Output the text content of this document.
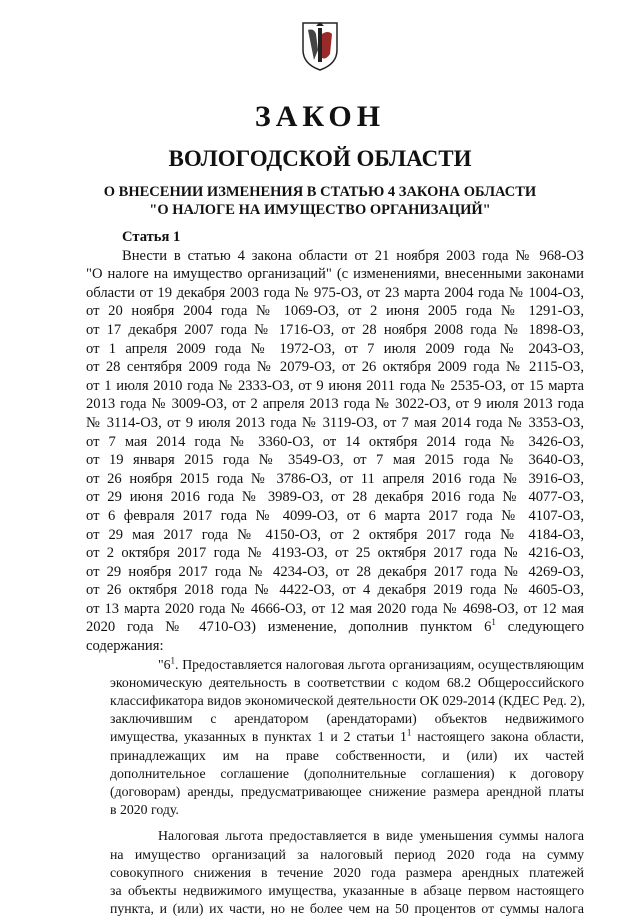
ЗАКОН
ВОЛОГОДСКОЙ ОБЛАСТИ
О ВНЕСЕНИИ ИЗМЕНЕНИЯ В СТАТЬЮ 4 ЗАКОНА ОБЛАСТИ
"О НАЛОГЕ НА ИМУЩЕСТВО ОРГАНИЗАЦИЙ"
Статья 1
Внести в статью 4 закона области от 21 ноября 2003 года № 968-ОЗ
"О налоге на имущество организаций" (с изменениями, внесенными законами
области от 19 декабря 2003 года № 975-ОЗ, от 23 марта 2004 года № 1004-ОЗ,
от 20 ноября 2004 года № 1069-ОЗ, от 2 июня 2005 года № 1291-ОЗ,
от 17 декабря 2007 года № 1716-ОЗ, от 28 ноября 2008 года № 1898-ОЗ,
от 1 апреля 2009 года № 1972-ОЗ, от 7 июля 2009 года № 2043-ОЗ,
от 28 сентября 2009 года № 2079-ОЗ, от 26 октября 2009 года № 2115-ОЗ,
от 1 июля 2010 года № 2333-ОЗ, от 9 июня 2011 года № 2535-ОЗ, от 15 марта
2013 года № 3009-ОЗ, от 2 апреля 2013 года № 3022-ОЗ, от 9 июля 2013 года
№ 3114-ОЗ, от 9 июля 2013 года № 3119-ОЗ, от 7 мая 2014 года № 3353-ОЗ,
от 7 мая 2014 года № 3360-ОЗ, от 14 октября 2014 года № 3426-ОЗ,
от 19 января 2015 года № 3549-ОЗ, от 7 мая 2015 года № 3640-ОЗ,
от 26 ноября 2015 года № 3786-ОЗ, от 11 апреля 2016 года № 3916-ОЗ,
от 29 июня 2016 года № 3989-ОЗ, от 28 декабря 2016 года № 4077-ОЗ,
от 6 февраля 2017 года № 4099-ОЗ, от 6 марта 2017 года № 4107-ОЗ,
от 29 мая 2017 года № 4150-ОЗ, от 2 октября 2017 года № 4184-ОЗ,
от 2 октября 2017 года № 4193-ОЗ, от 25 октября 2017 года № 4216-ОЗ,
от 29 ноября 2017 года № 4234-ОЗ, от 28 декабря 2017 года № 4269-ОЗ,
от 26 октября 2018 года № 4422-ОЗ, от 4 декабря 2019 года № 4605-ОЗ,
от 13 марта 2020 года № 4666-ОЗ, от 12 мая 2020 года № 4698-ОЗ, от 12 мая
2020 года № 4710-ОЗ) изменение, дополнив пунктом $6^1$ следующего
содержания:
"$6^1$. Предоставляется налоговая льгота организациям, осуществляющим
экономическую деятельность в соответствии с кодом 68.2 Общероссийского
классификатора видов экономической деятельности ОК 029-2014 (КДЕС Ред. 2),
заключившим с арендатором (арендаторами) объектов недвижимого
имущества, указанных в пунктах 1 и 2 статьи $1^1$ настоящего закона области,
принадлежащих им на праве собственности, и (или) их частей
дополнительное соглашение (дополнительные соглашения) к договору
(договорам) аренды, предусматривающее снижение размера арендной платы
в 2020 году.
Налоговая льгота предоставляется в виде уменьшения суммы налога
на имущество организаций за налоговый период 2020 года на сумму
совокупного снижения в течение 2020 года размера арендных платежей
за объекты недвижимого имущества, указанные в абзаце первом настоящего
пункта, и (или) их части, но не более чем на 50 процентов от суммы налога
